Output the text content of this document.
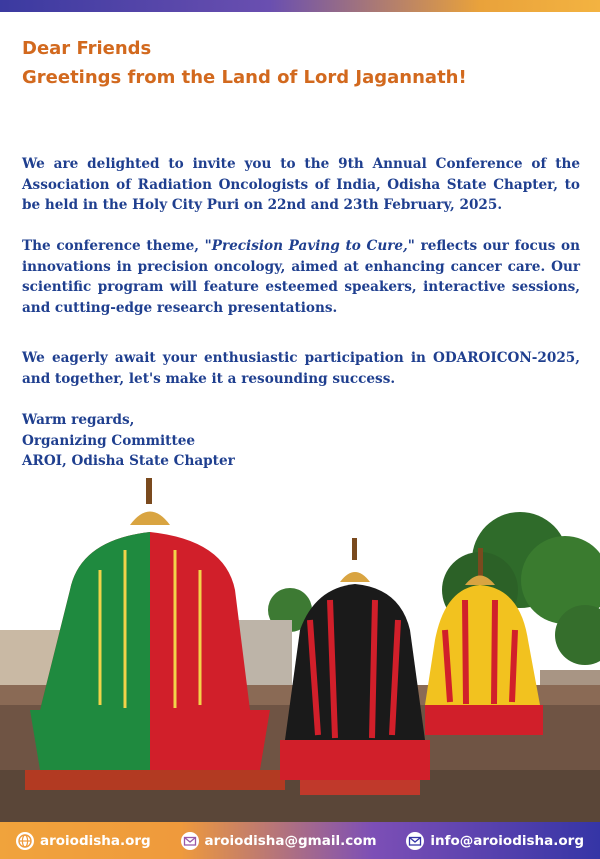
Dear Friends
Greetings from the Land of Lord Jagannath!
We are delighted to invite you to the 9th Annual Conference of the Association of Radiation Oncologists of India, Odisha State Chapter, to be held in the Holy City Puri on 22nd and 23th February, 2025.
The conference theme, "Precision Paving to Cure," reflects our focus on innovations in precision oncology, aimed at enhancing cancer care. Our scientific program will feature esteemed speakers, interactive sessions, and cutting-edge research presentations.
We eagerly await your enthusiastic participation in ODAROICON-2025, and together, let's make it a resounding success.
Warm regards,
Organizing Committee
AROI, Odisha State Chapter
aroiodisha.org	aroiodisha@gmail.com	info@aroiodisha.org
